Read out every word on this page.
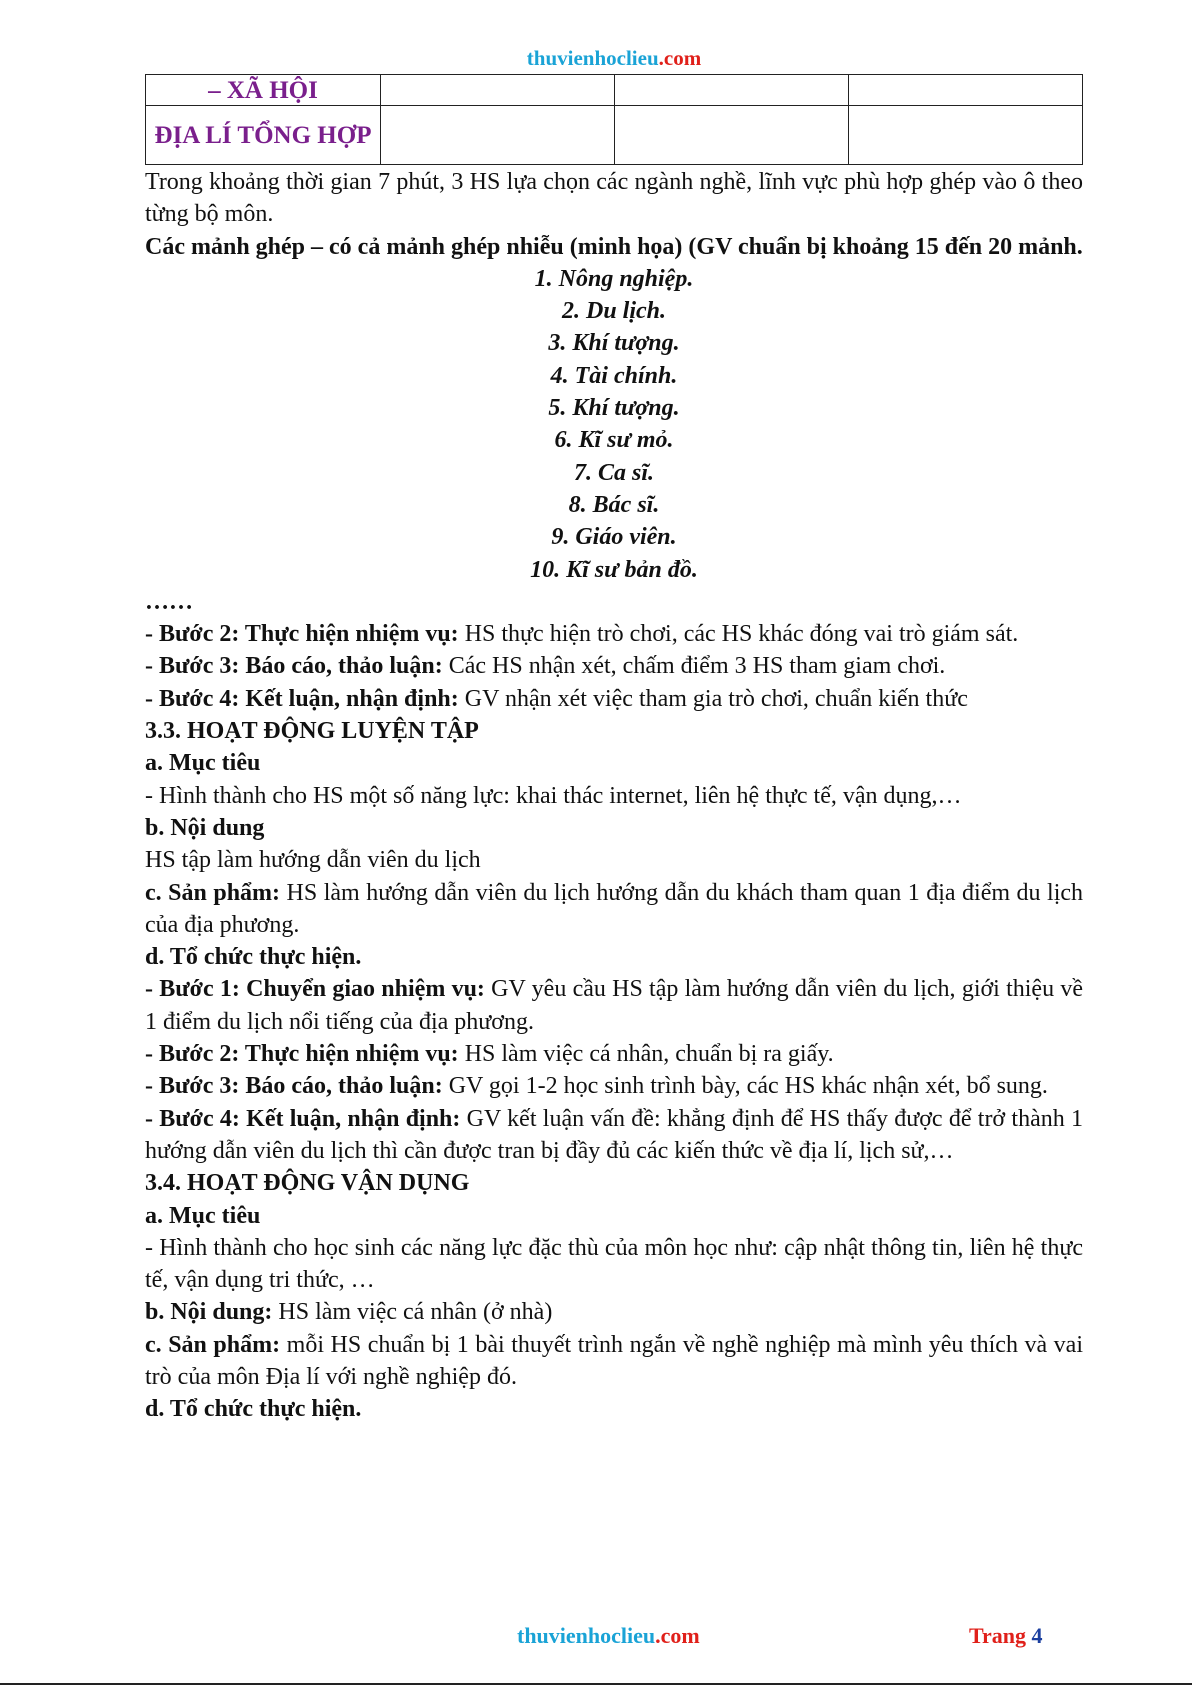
thuvienhoclieu.com
– XÃ HỘI			
ĐỊA LÍ TỔNG HỢP			

Trong khoảng thời gian 7 phút, 3 HS lựa chọn các ngành nghề, lĩnh vực phù hợp ghép vào ô theo từng bộ môn.

Các mảnh ghép – có cả mảnh ghép nhiễu (minh họa) (GV chuẩn bị khoảng 15 đến 20 mảnh.

1. Nông nghiệp.

2. Du lịch.

3. Khí tượng.

4. Tài chính.

5. Khí tượng.

6. Kĩ sư mỏ.

7. Ca sĩ.

8. Bác sĩ.

9. Giáo viên.

10. Kĩ sư bản đồ.

……

- Bước 2: Thực hiện nhiệm vụ: HS thực hiện trò chơi, các HS khác đóng vai trò giám sát.

- Bước 3: Báo cáo, thảo luận: Các HS nhận xét, chấm điểm 3 HS tham giam chơi.

- Bước 4: Kết luận, nhận định: GV nhận xét việc tham gia trò chơi, chuẩn kiến thức

3.3. HOẠT ĐỘNG LUYỆN TẬP

a. Mục tiêu

- Hình thành cho HS một số năng lực: khai thác internet, liên hệ thực tế, vận dụng,…

b. Nội dung

HS tập làm hướng dẫn viên du lịch

c. Sản phẩm: HS làm hướng dẫn viên du lịch hướng dẫn du khách tham quan 1 địa điểm du lịch của địa phương.

d. Tổ chức thực hiện.

- Bước 1: Chuyển giao nhiệm vụ: GV yêu cầu HS tập làm hướng dẫn viên du lịch, giới thiệu về 1 điểm du lịch nổi tiếng của địa phương.

- Bước 2: Thực hiện nhiệm vụ: HS làm việc cá nhân, chuẩn bị ra giấy.

- Bước 3: Báo cáo, thảo luận: GV gọi 1-2 học sinh trình bày, các HS khác nhận xét, bổ sung.

- Bước 4: Kết luận, nhận định: GV kết luận vấn đề: khẳng định để HS thấy được để trở thành 1 hướng dẫn viên du lịch thì cần được tran bị đầy đủ các kiến thức về địa lí, lịch sử,…

3.4. HOẠT ĐỘNG VẬN DỤNG

a. Mục tiêu

- Hình thành cho học sinh các năng lực đặc thù của môn học như: cập nhật thông tin, liên hệ thực tế, vận dụng tri thức, …

b. Nội dung: HS làm việc cá nhân (ở nhà)

c. Sản phẩm: mỗi HS chuẩn bị 1 bài thuyết trình ngắn về nghề nghiệp mà mình yêu thích và vai trò của môn Địa lí với nghề nghiệp đó.

d. Tổ chức thực hiện.

thuvienhoclieu.com	Trang 4
